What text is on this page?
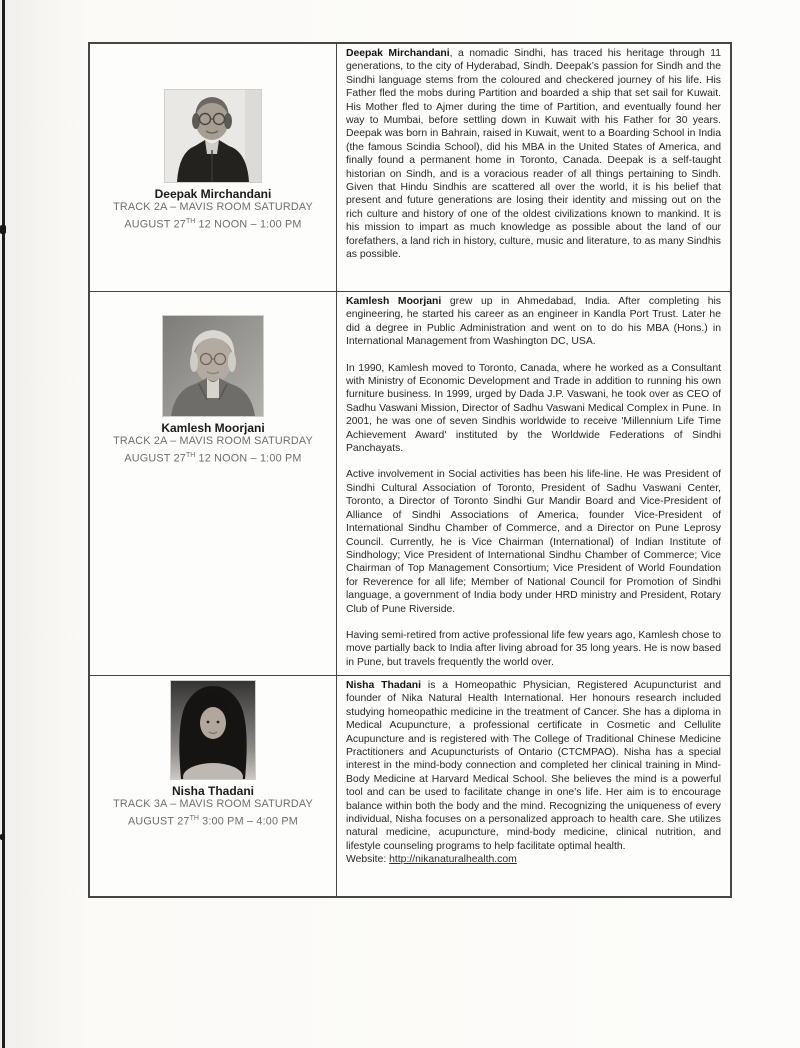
Deepak Mirchandani
TRACK 2A – MAVIS ROOM SATURDAY
AUGUST 27TH 12 NOON – 1:00 PM

Deepak Mirchandani, a nomadic Sindhi, has traced his heritage through 11 generations, to the city of Hyderabad, Sindh. Deepak’s passion for Sindh and the Sindhi language stems from the coloured and checkered journey of his life. His Father fled the mobs during Partition and boarded a ship that set sail for Kuwait. His Mother fled to Ajmer during the time of Partition, and eventually found her way to Mumbai, before settling down in Kuwait with his Father for 30 years. Deepak was born in Bahrain, raised in Kuwait, went to a Boarding School in India (the famous Scindia School), did his MBA in the United States of America, and finally found a permanent home in Toronto, Canada. Deepak is a self-taught historian on Sindh, and is a voracious reader of all things pertaining to Sindh. Given that Hindu Sindhis are scattered all over the world, it is his belief that present and future generations are losing their identity and missing out on the rich culture and history of one of the oldest civilizations known to mankind. It is his mission to impart as much knowledge as possible about the land of our forefathers, a land rich in history, culture, music and literature, to as many Sindhis as possible.

Kamlesh Moorjani
TRACK 2A – MAVIS ROOM SATURDAY
AUGUST 27TH 12 NOON – 1:00 PM

Kamlesh Moorjani grew up in Ahmedabad, India. After completing his engineering, he started his career as an engineer in Kandla Port Trust. Later he did a degree in Public Administration and went on to do his MBA (Hons.) in International Management from Washington DC, USA.

In 1990, Kamlesh moved to Toronto, Canada, where he worked as a Consultant with Ministry of Economic Development and Trade in addition to running his own furniture business. In 1999, urged by Dada J.P. Vaswani, he took over as CEO of Sadhu Vaswani Mission, Director of Sadhu Vaswani Medical Complex in Pune. In 2001, he was one of seven Sindhis worldwide to receive 'Millennium Life Time Achievement Award' instituted by the Worldwide Federations of Sindhi Panchayats.

Active involvement in Social activities has been his life-line. He was President of Sindhi Cultural Association of Toronto, President of Sadhu Vaswani Center, Toronto, a Director of Toronto Sindhi Gur Mandir Board and Vice-President of Alliance of Sindhi Associations of America, founder Vice-President of International Sindhu Chamber of Commerce, and a Director on Pune Leprosy Council. Currently, he is Vice Chairman (International) of Indian Institute of Sindhology; Vice President of International Sindhu Chamber of Commerce; Vice Chairman of Top Management Consortium; Vice President of World Foundation for Reverence for all life; Member of National Council for Promotion of Sindhi language, a government of India body under HRD ministry and President, Rotary Club of Pune Riverside.

Having semi-retired from active professional life few years ago, Kamlesh chose to move partially back to India after living abroad for 35 long years. He is now based in Pune, but travels frequently the world over.

Nisha Thadani
TRACK 3A – MAVIS ROOM SATURDAY
AUGUST 27TH 3:00 PM – 4:00 PM

Nisha Thadani is a Homeopathic Physician, Registered Acupuncturist and founder of Nika Natural Health International. Her honours research included studying homeopathic medicine in the treatment of Cancer. She has a diploma in Medical Acupuncture, a professional certificate in Cosmetic and Cellulite Acupuncture and is registered with The College of Traditional Chinese Medicine Practitioners and Acupuncturists of Ontario (CTCMPAO). Nisha has a special interest in the mind-body connection and completed her clinical training in Mind-Body Medicine at Harvard Medical School. She believes the mind is a powerful tool and can be used to facilitate change in one’s life. Her aim is to encourage balance within both the body and the mind. Recognizing the uniqueness of every individual, Nisha focuses on a personalized approach to health care. She utilizes natural medicine, acupuncture, mind-body medicine, clinical nutrition, and lifestyle counseling programs to help facilitate optimal health.

Website: http://nikanaturalhealth.com
